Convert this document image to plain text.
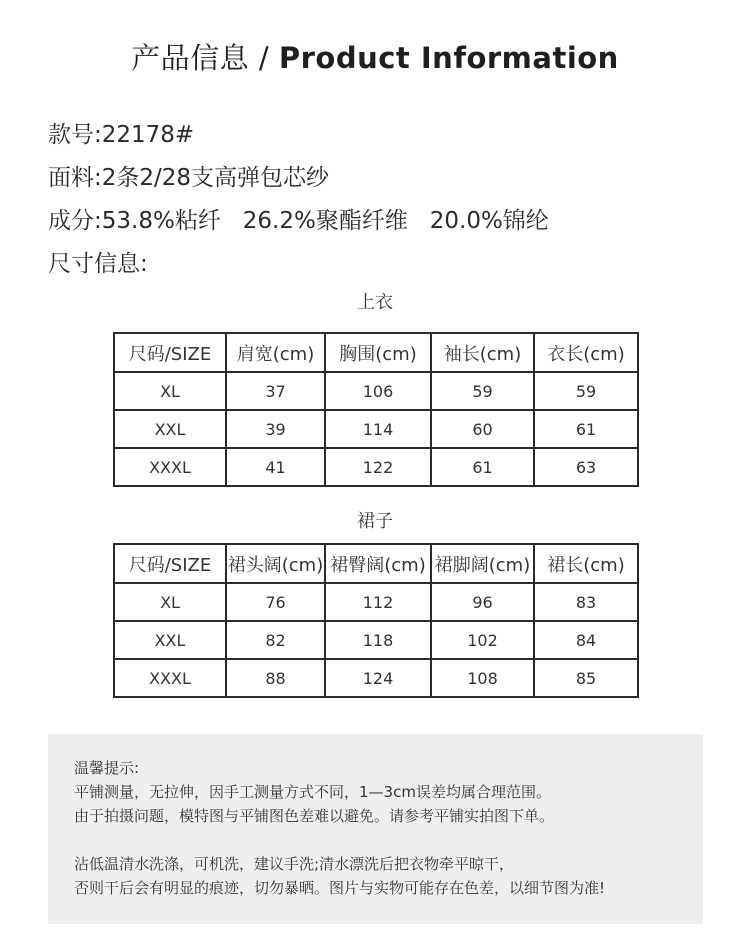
产品信息 / Product Information
款号:22178#
面料:2条2/28支高弹包芯纱
成分:53.8%粘纤   26.2%聚酯纤维   20.0%锦纶
尺寸信息:
上衣
尺码/SIZE	肩宽(cm)	胸围(cm)	袖长(cm)	衣长(cm)
XL	37	106	59	59
XXL	39	114	60	61
XXXL	41	122	61	63
裙子
尺码/SIZE	裙头阔(cm)	裙臀阔(cm)	裙脚阔(cm)	裙长(cm)
XL	76	112	96	83
XXL	82	118	102	84
XXXL	88	124	108	85
温馨提示:
平铺测量，无拉伸，因手工测量方式不同，1—3cm误差均属合理范围。
由于拍摄问题，模特图与平铺图色差难以避免。请参考平铺实拍图下单。
沾低温清水洗涤，可机洗，建议手洗;清水漂洗后把衣物牵平晾干，
否则干后会有明显的痕迹，切勿暴晒。图片与实物可能存在色差，以细节图为准!
